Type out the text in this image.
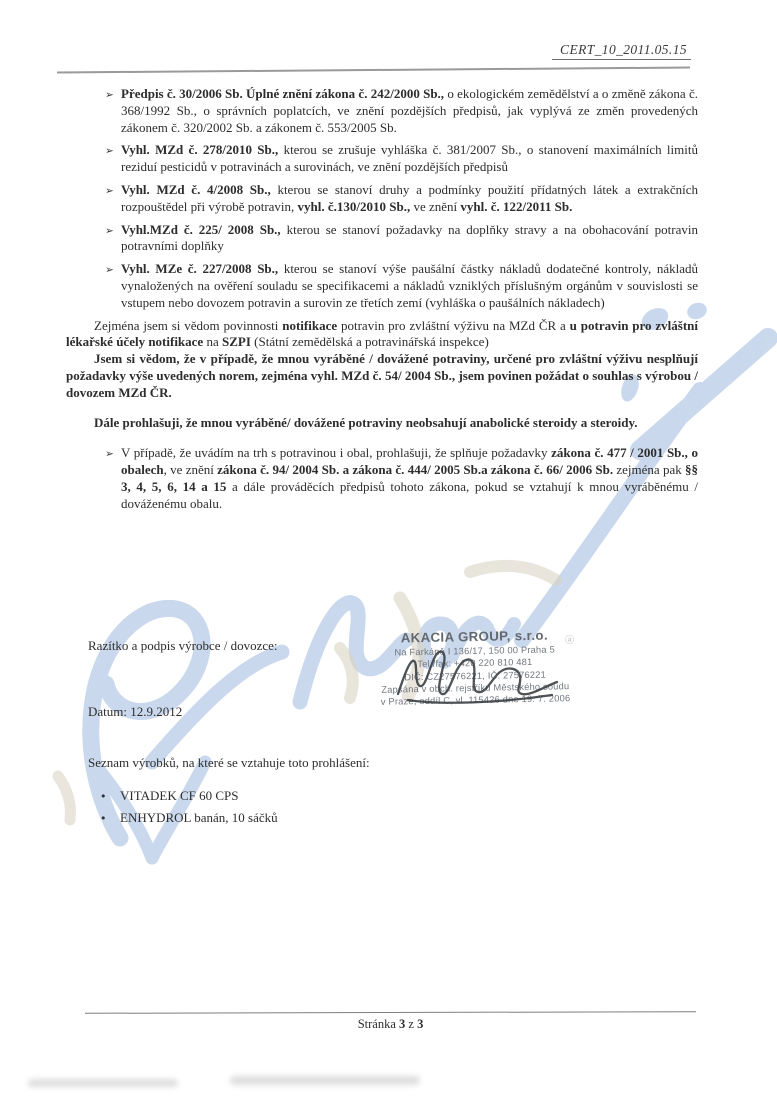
CERT_10_2011.05.15
➢ Předpis č. 30/2006 Sb. Úplné znění zákona č. 242/2000 Sb., o ekologickém zemědělství a o změně zákona č. 368/1992 Sb., o správních poplatcích, ve znění pozdějších předpisů, jak vyplývá ze změn provedených zákonem č. 320/2002 Sb. a zákonem č. 553/2005 Sb.
➢ Vyhl. MZd č. 278/2010 Sb., kterou se zrušuje vyhláška č. 381/2007 Sb., o stanovení maximálních limitů reziduí pesticidů v potravinách a surovinách, ve znění pozdějších předpisů
➢ Vyhl. MZd č. 4/2008 Sb., kterou se stanoví druhy a podmínky použití přídatných látek a extrakčních rozpouštědel při výrobě potravin, vyhl. č.130/2010 Sb., ve znění vyhl. č. 122/2011 Sb.
➢ Vyhl.MZd č. 225/ 2008 Sb., kterou se stanoví požadavky na doplňky stravy a na obohacování potravin potravními doplňky
➢ Vyhl. MZe č. 227/2008 Sb., kterou se stanoví výše paušální částky nákladů dodatečné kontroly, nákladů vynaložených na ověření souladu se specifikacemi a nákladů vzniklých příslušným orgánům v souvislosti se vstupem nebo dovozem potravin a surovin ze třetích zemí (vyhláška o paušálních nákladech)

Zejména jsem si vědom povinnosti notifikace potravin pro zvláštní výživu na MZd ČR a u potravin pro zvláštní lékařské účely notifikace na SZPI (Státní zemědělská a potravinářská inspekce)

Jsem si vědom, že v případě, že mnou vyráběné / dovážené potraviny, určené pro zvláštní výživu nesplňují požadavky výše uvedených norem, zejména vyhl. MZd č. 54/ 2004 Sb., jsem povinen požádat o souhlas s výrobou / dovozem MZd ČR.

Dále prohlašuji, že mnou vyráběné/ dovážené potraviny neobsahují anabolické steroidy a steroidy.

➢ V případě, že uvádím na trh s potravinou i obal, prohlašuji, že splňuje požadavky zákona č. 477 / 2001 Sb., o obalech, ve znění zákona č. 94/ 2004 Sb. a zákona č. 444/ 2005 Sb.a zákona č. 66/ 2006 Sb. zejména pak §§ 3, 4, 5, 6, 14 a 15 a dále prováděcích předpisů tohoto zákona, pokud se vztahují k mnou vyráběnému / dováženému obalu.
Razítko a podpis výrobce / dovozce:
AKACIA GROUP, s.r.o.
Na Farkáně I 136/17, 150 00 Praha 5
Tel./fax: +420 220 810 481
DIČ: CZ27576221, IČ: 27576221
Zapsána v obch. rejstříku Městského soudu
v Praze, oddíl C, vl. 115426 dne 19. 7. 2006
ⓐ
Datum: 12.9.2012
Seznam výrobků, na které se vztahuje toto prohlášení:
• VITADEK CF 60 CPS
• ENHYDROL banán, 10 sáčků
Stránka 3 z 3
